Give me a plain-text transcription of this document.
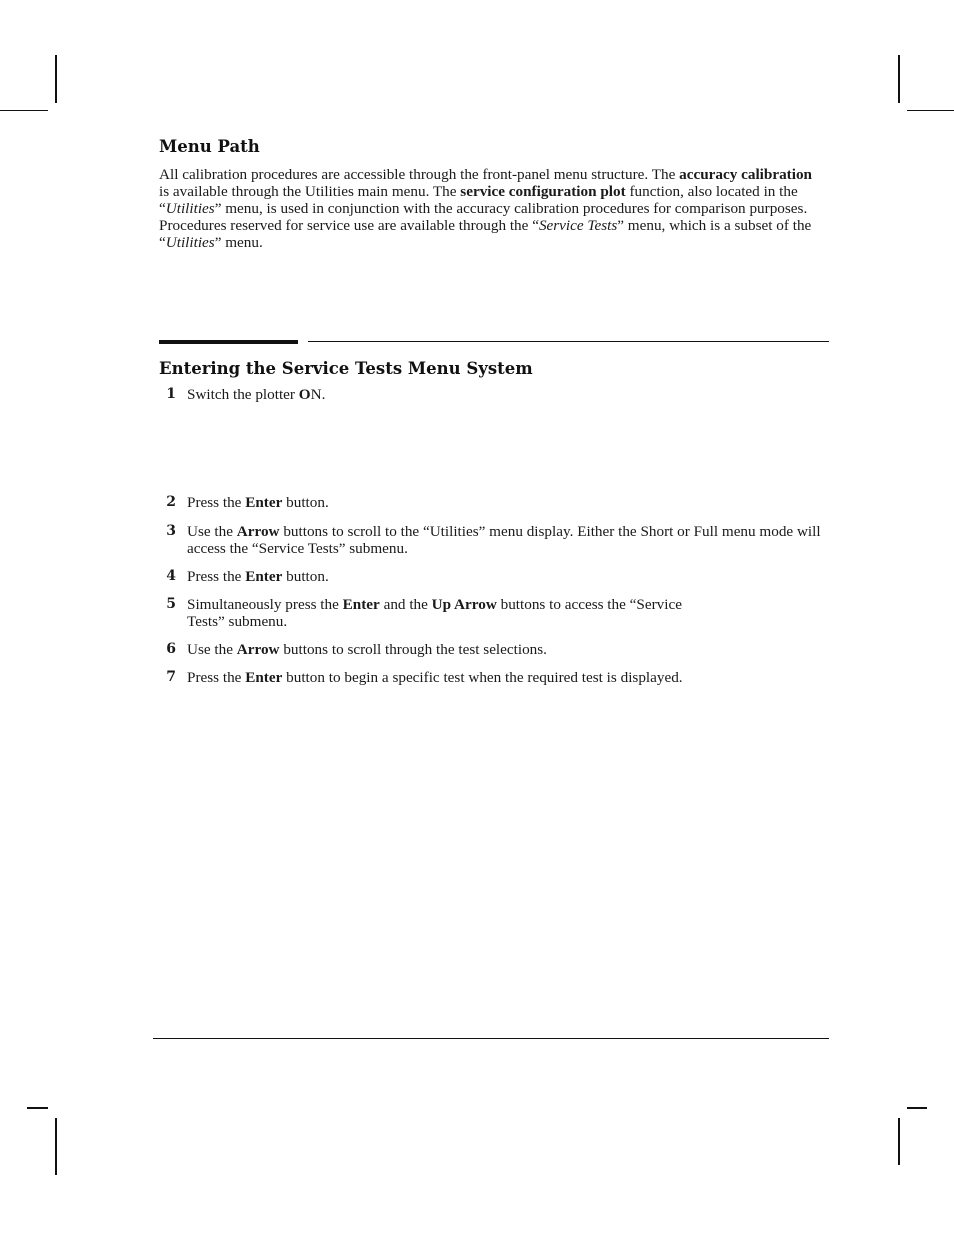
Menu Path
All calibration procedures are accessible through the front-panel menu structure. The accuracy calibration is available through the Utilities main menu. The service configuration plot function, also located in the “Utilities” menu, is used in conjunction with the accuracy calibration procedures for comparison purposes. Procedures reserved for service use are available through the “Service Tests” menu, which is a subset of the “Utilities” menu.
Entering the Service Tests Menu System
1 Switch the plotter ON.
2 Press the Enter button.
3 Use the Arrow buttons to scroll to the “Utilities” menu display. Either the Short or Full menu mode will access the “Service Tests” submenu.
4 Press the Enter button.
5 Simultaneously press the Enter and the Up Arrow buttons to access the “Service Tests” submenu.
6 Use the Arrow buttons to scroll through the test selections.
7 Press the Enter button to begin a specific test when the required test is displayed.
